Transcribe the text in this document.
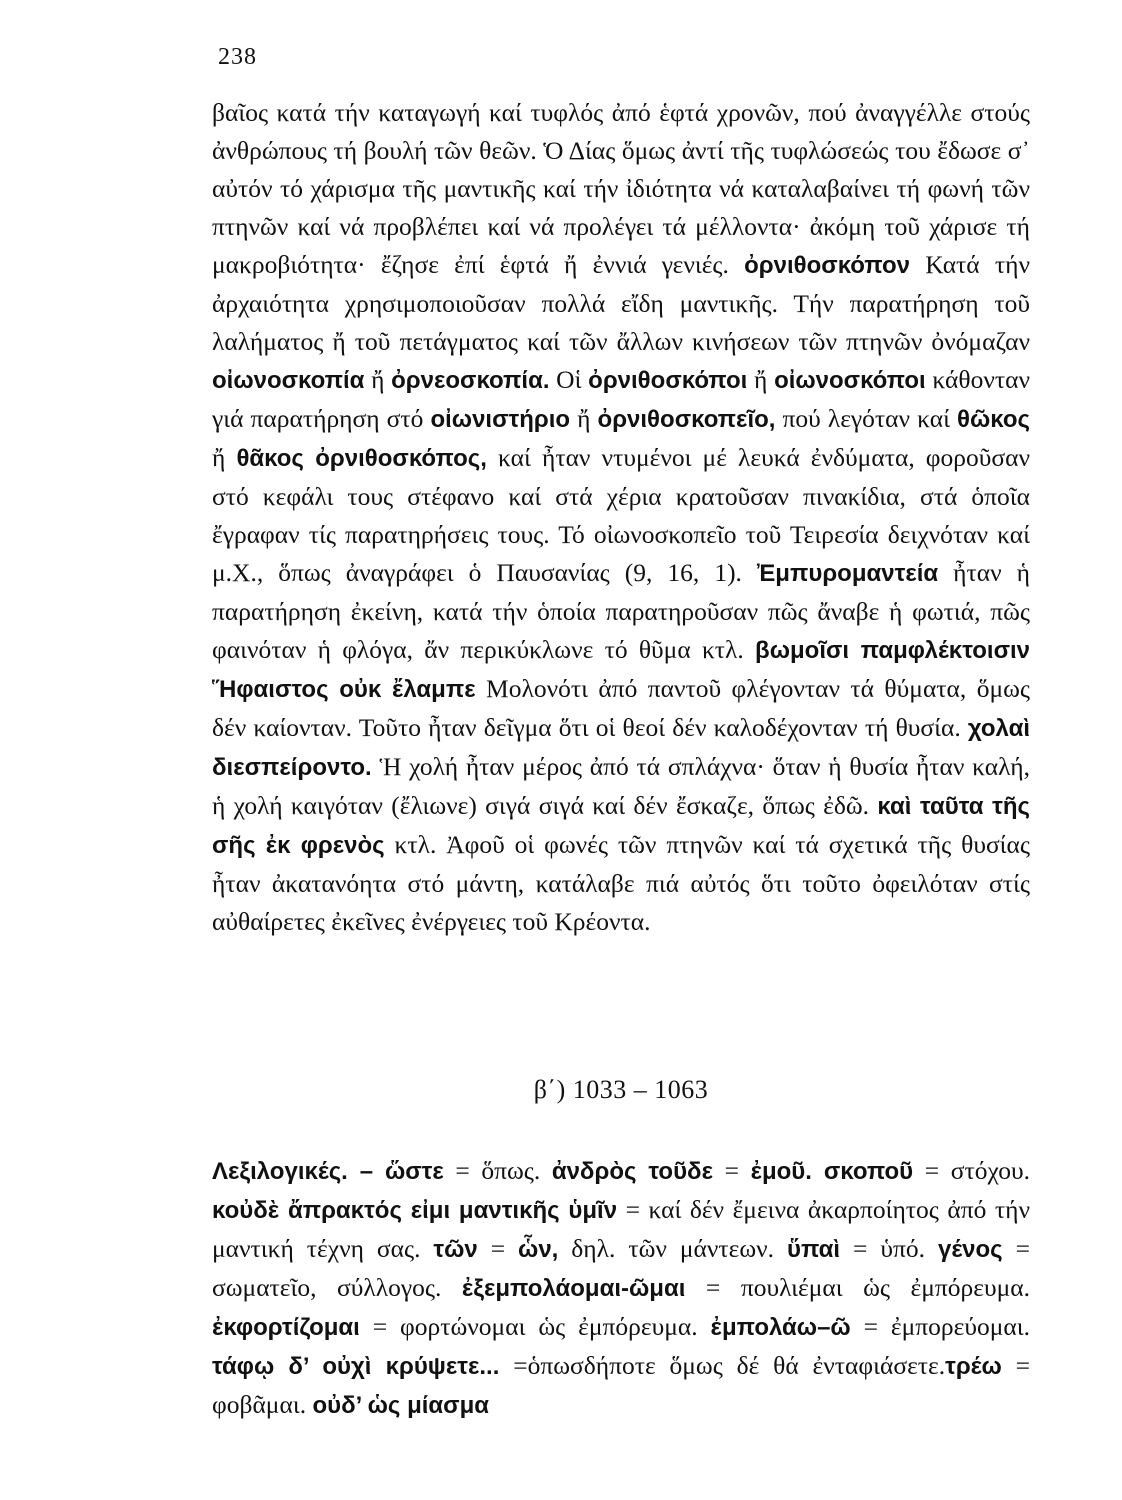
238
βαῖος κατά τήν καταγωγή καί τυφλός ἀπό ἑφτά χρονῶν, πού ἀναγγέλλε στούς ἀνθρώπους τή βουλή τῶν θεῶν. Ὁ Δίας ὅμως ἀντί τῆς τυφλώσεώς του ἔδωσε σ᾽ αὐτόν τό χάρισμα τῆς μαντικῆς καί τήν ἰδιότητα νά καταλαβαίνει τή φωνή τῶν πτηνῶν καί νά προβλέπει καί νά προλέγει τά μέλλοντα· ἀκόμη τοῦ χάρισε τή μακροβιότητα· ἔζησε ἐπί ἑφτά ἤ ἐννιά γενιές. ὀρνιθοσκόπον Κατά τήν ἀρχαιότητα χρησιμοποιοῦσαν πολλά εἴδη μαντικῆς. Τήν παρατήρηση τοῦ λαλήματος ἤ τοῦ πετάγματος καί τῶν ἄλλων κινήσεων τῶν πτηνῶν ὀνόμαζαν οἰωνοσκοπία ἤ ὀρνεοσκοπία. Οἱ ὀρνιθοσκόποι ἤ οἰωνοσκόποι κάθονταν γιά παρατήρηση στό οἰωνιστήριο ἤ ὀρνιθοσκοπεῖο, πού λεγόταν καί θῶκος ἤ θᾶκος ὀρνιθοσκόπος, καί ἦταν ντυμένοι μέ λευκά ἐνδύματα, φοροῦσαν στό κεφάλι τους στέφανο καί στά χέρια κρατοῦσαν πινακίδια, στά ὁποῖα ἔγραφαν τίς παρατηρήσεις τους. Τό οἰωνοσκοπεῖο τοῦ Τειρεσία δειχνόταν καί μ.Χ., ὅπως ἀναγράφει ὁ Παυσανίας (9, 16, 1). Ἐμπυρομαντεία ἦταν ἡ παρατήρηση ἐκείνη, κατά τήν ὁποία παρατηροῦσαν πῶς ἄναβε ἡ φωτιά, πῶς φαινόταν ἡ φλόγα, ἄν περικύκλωνε τό θῦμα κτλ. βωμοῖσι παμφλέκτοισιν Ἥφαιστος οὐκ ἔλαμπε Μολονότι ἀπό παντοῦ φλέγονταν τά θύματα, ὅμως δέν καίονταν. Τοῦτο ἦταν δεῖγμα ὅτι οἱ θεοί δέν καλοδέχονταν τή θυσία. χολαὶ διεσπείροντο. Ἡ χολή ἦταν μέρος ἀπό τά σπλάχνα· ὅταν ἡ θυσία ἦταν καλή, ἡ χολή καιγόταν (ἔλιωνε) σιγά σιγά καί δέν ἔσκαζε, ὅπως ἐδῶ. καὶ ταῦτα τῆς σῆς ἐκ φρενὸς κτλ. Ἀφοῦ οἱ φωνές τῶν πτηνῶν καί τά σχετικά τῆς θυσίας ἦταν ἀκατανόητα στό μάντη, κατάλαβε πιά αὐτός ὅτι τοῦτο ὀφειλόταν στίς αὐθαίρετες ἐκεῖνες ἐνέργειες τοῦ Κρέοντα.
β΄) 1033 – 1063
Λεξιλογικές. – ὥστε = ὅπως. ἀνδρὸς τοῦδε = ἐμοῦ. σκοποῦ = στόχου. κοὐδὲ ἄπρακτός εἰμι μαντικῆς ὑμῖν = καί δέν ἔμεινα ἀκαρποίητος ἀπό τήν μαντική τέχνη σας. τῶν = ὧν, δηλ. τῶν μάντεων. ὕπαὶ = ὑπό. γένος = σωματεῖο, σύλλογος. ἐξεμπολάομαι-ῶμαι = πουλιέμαι ὡς ἐμπόρευμα. ἐκφορτίζομαι = φορτώνομαι ὡς ἐμπόρευμα. ἐμπολάω–ῶ = ἐμπορεύομαι. τάφῳ δ’ οὐχὶ κρύψετε... =ὁπωσδήποτε ὅμως δέ θά ἐνταφιάσετε.τρέω = φοβᾶμαι. οὐδ’ ὡς μίασμα
